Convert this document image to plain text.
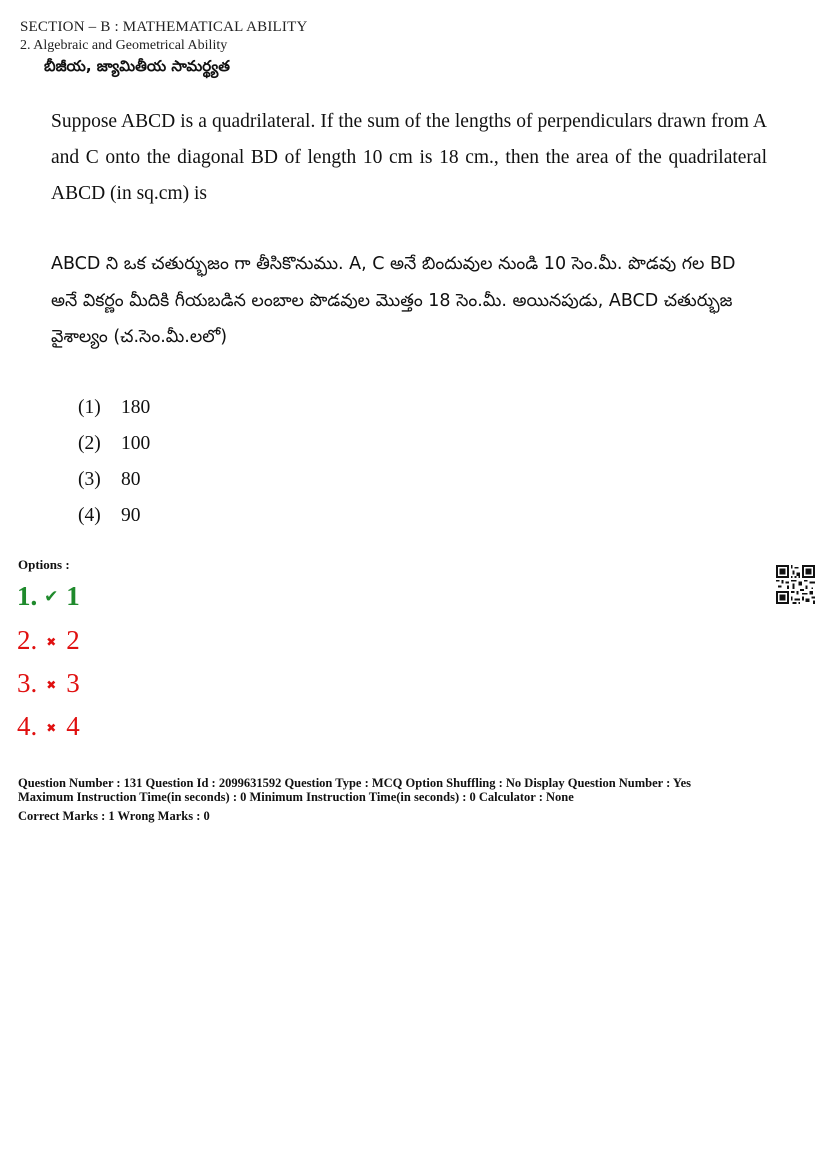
SECTION – B : MATHEMATICAL ABILITY
2. Algebraic and Geometrical Ability
బీజీయ, జ్యామితీయ సామర్థ్యత
Suppose ABCD is a quadrilateral. If the sum of the lengths of perpendiculars drawn from A and C onto the diagonal BD of length 10 cm is 18 cm., then the area of the quadrilateral ABCD (in sq.cm) is
ABCD ని ఒక చతుర్భుజం గా తీసికొనుము. A, C అనే బిందువుల నుండి 10 సెం.మీ. పొడవు గల BD అనే వికర్ణం మీదికి గీయబడిన లంబాల పొడవుల మొత్తం 18 సెం.మీ. అయినపుడు, ABCD చతుర్భుజ వైశాల్యం (చ.సెం.మీ.లలో)
(1) 180
(2) 100
(3) 80
(4) 90
Options :
1. ✔ 1
2. ✖ 2
3. ✖ 3
4. ✖ 4
Question Number : 131 Question Id : 2099631592 Question Type : MCQ Option Shuffling : No Display Question Number : Yes
Maximum Instruction Time(in seconds) : 0 Minimum Instruction Time(in seconds) : 0 Calculator : None
Correct Marks : 1 Wrong Marks : 0
